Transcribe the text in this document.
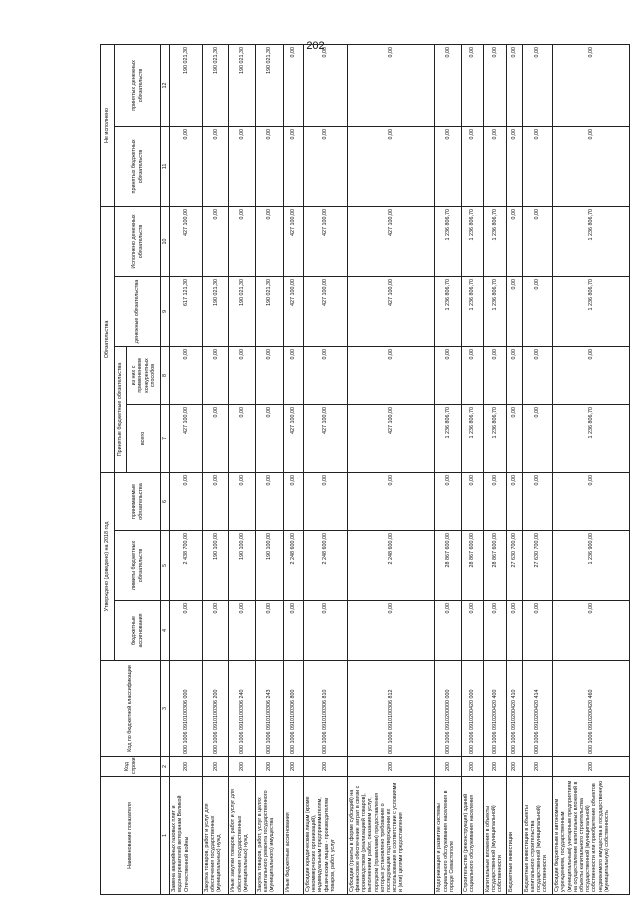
202
Наименование показателя	Код строки	Код по бюджетной классификации	Утверждено (доведено) на 2018 год			Обязательства				Не исполнено	
			бюджетные ассигнования	лимиты бюджетных обязательств	принимаемые обязательства	Принятые бюджетные обязательства		денежные обязательства	Исполнено денежных обязательств	принятых бюджетных обязательств	принятых денежных обязательств
						всего	из них с применением конкурентных способов				

1	2	3	4	5	6	7	8	9	10	11	12
Замена аварийных газовых плит и водонагревателей ветеранам Великой Отечественной войны	200	000 1006 0910100306 000	0,00	2 438 700,00	0,00	427 100,00	0,00	617 121,30	427 100,00	0,00	190 021,30
Закупка товаров, работ и услуг для обеспечения государственных (муниципальных) нужд	200	000 1006 0910100306 200	0,00	190 100,00	0,00	0,00	0,00	190 021,30	0,00	0,00	190 021,30
Иные закупки товаров, работ и услуг для обеспечения государственных (муниципальных) нужд	200	000 1006 0910100306 240	0,00	190 100,00	0,00	0,00	0,00	190 021,30	0,00	0,00	190 021,30
Закупка товаров, работ, услуг в целях капитального ремонта государственного (муниципального) имущества	200	000 1006 0910100306 243	0,00	190 100,00	0,00	0,00	0,00	190 021,30	0,00	0,00	190 021,30
Иные бюджетные ассигнования	200	000 1006 0910100306 800	0,00	2 248 600,00	0,00	427 100,00	0,00	427 100,00	427 100,00	0,00	0,00
Субсидии юридическим лицам (кроме некоммерческих организаций), индивидуальным предпринимателям, физическим лицам - производителям товаров, работ, услуг	200	000 1006 0910100306 810	0,00	2 248 600,00	0,00	427 100,00	0,00	427 100,00	427 100,00	0,00	0,00
Субсидии (гранты в форме субсидий) на финансовое обеспечение затрат в связи с производством (реализацией товаров), выполнением работ, оказанием услуг, порядком (правилами) предоставления которых установлено требование о последующем подтверждении их использования в соответствии с условиями и (или) целями предоставления	200	000 1006 0910100306 812	0,00	2 248 600,00	0,00	427 100,00	0,00	427 100,00	427 100,00	0,00	0,00
Модернизация и развитие системы социального обслуживания населения в городе Севастополе	200	000 1006 0910200000 000	0,00	28 867 600,00	0,00	1 236 806,70	0,00	1 236 806,70	1 236 806,70	0,00	0,00
Строительство (реконструкция) зданий социального обслуживания населения	200	000 1006 0910200420 000	0,00	28 867 600,00	0,00	1 236 806,70	0,00	1 236 806,70	1 236 806,70	0,00	0,00
Капитальные вложения в объекты государственной (муниципальной) собственности	200	000 1006 0910200420 400	0,00	28 867 600,00	0,00	1 236 806,70	0,00	1 236 806,70	1 236 806,70	0,00	0,00
Бюджетные инвестиции	200	000 1006 0910200420 410	0,00	27 630 700,00	0,00	0,00	0,00	0,00	0,00	0,00	0,00
Бюджетные инвестиции в объекты капитального строительства государственной (муниципальной) собственности	200	000 1006 0910200420 414	0,00	27 630 700,00	0,00	0,00	0,00	0,00	0,00	0,00	0,00
Субсидии бюджетным и автономным учреждениям, государственным (муниципальным) унитарным предприятиям на осуществление капитальных вложений в объекты капитального строительства государственной (муниципальной) собственности или приобретение объектов недвижимого имущества в государственную (муниципальную) собственность	200	000 1006 0910200420 460	0,00	1 236 900,00	0,00	1 236 806,70	0,00	1 236 806,70	1 236 806,70	0,00	0,00
